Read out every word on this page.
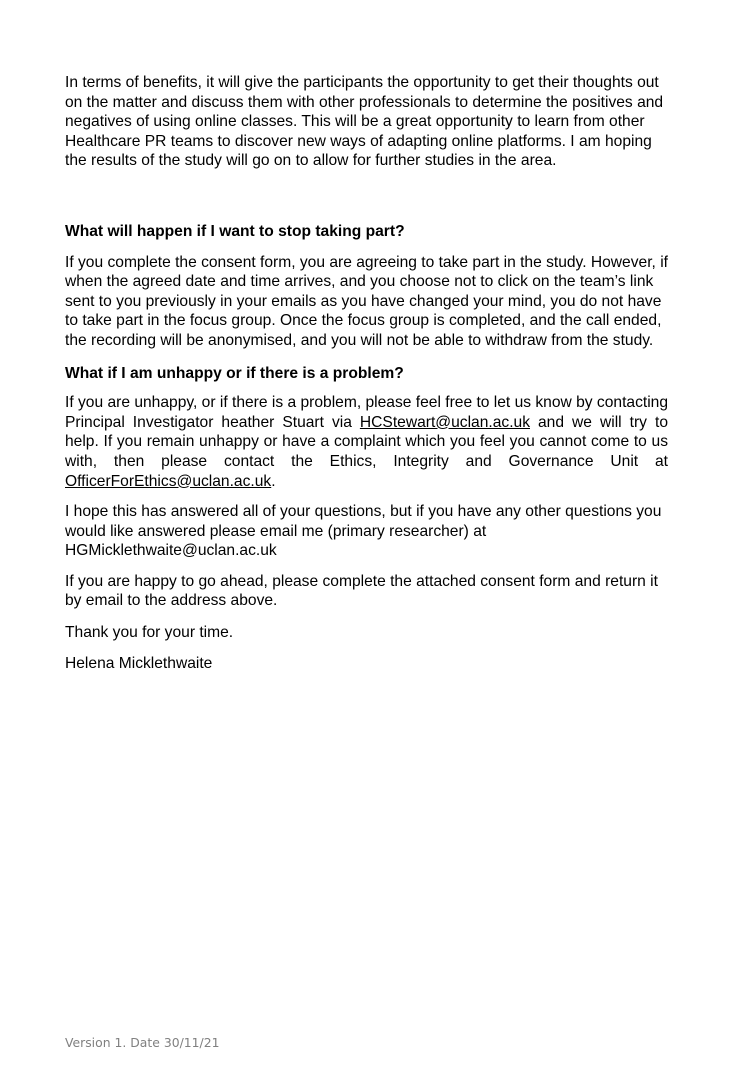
In terms of benefits, it will give the participants the opportunity to get their thoughts out on the matter and discuss them with other professionals to determine the positives and negatives of using online classes. This will be a great opportunity to learn from other Healthcare PR teams to discover new ways of adapting online platforms. I am hoping the results of the study will go on to allow for further studies in the area.

What will happen if I want to stop taking part?

If you complete the consent form, you are agreeing to take part in the study. However, if when the agreed date and time arrives, and you choose not to click on the team’s link sent to you previously in your emails as you have changed your mind, you do not have to take part in the focus group. Once the focus group is completed, and the call ended, the recording will be anonymised, and you will not be able to withdraw from the study.

What if I am unhappy or if there is a problem?

If you are unhappy, or if there is a problem, please feel free to let us know by contacting Principal Investigator heather Stuart via HCStewart@uclan.ac.uk and we will try to help. If you remain unhappy or have a complaint which you feel you cannot come to us with, then please contact the Ethics, Integrity and Governance Unit at OfficerForEthics@uclan.ac.uk.

I hope this has answered all of your questions, but if you have any other questions you would like answered please email me (primary researcher) at
HGMicklethwaite@uclan.ac.uk

If you are happy to go ahead, please complete the attached consent form and return it by email to the address above.

Thank you for your time.

Helena Micklethwaite

Version 1. Date 30/11/21
